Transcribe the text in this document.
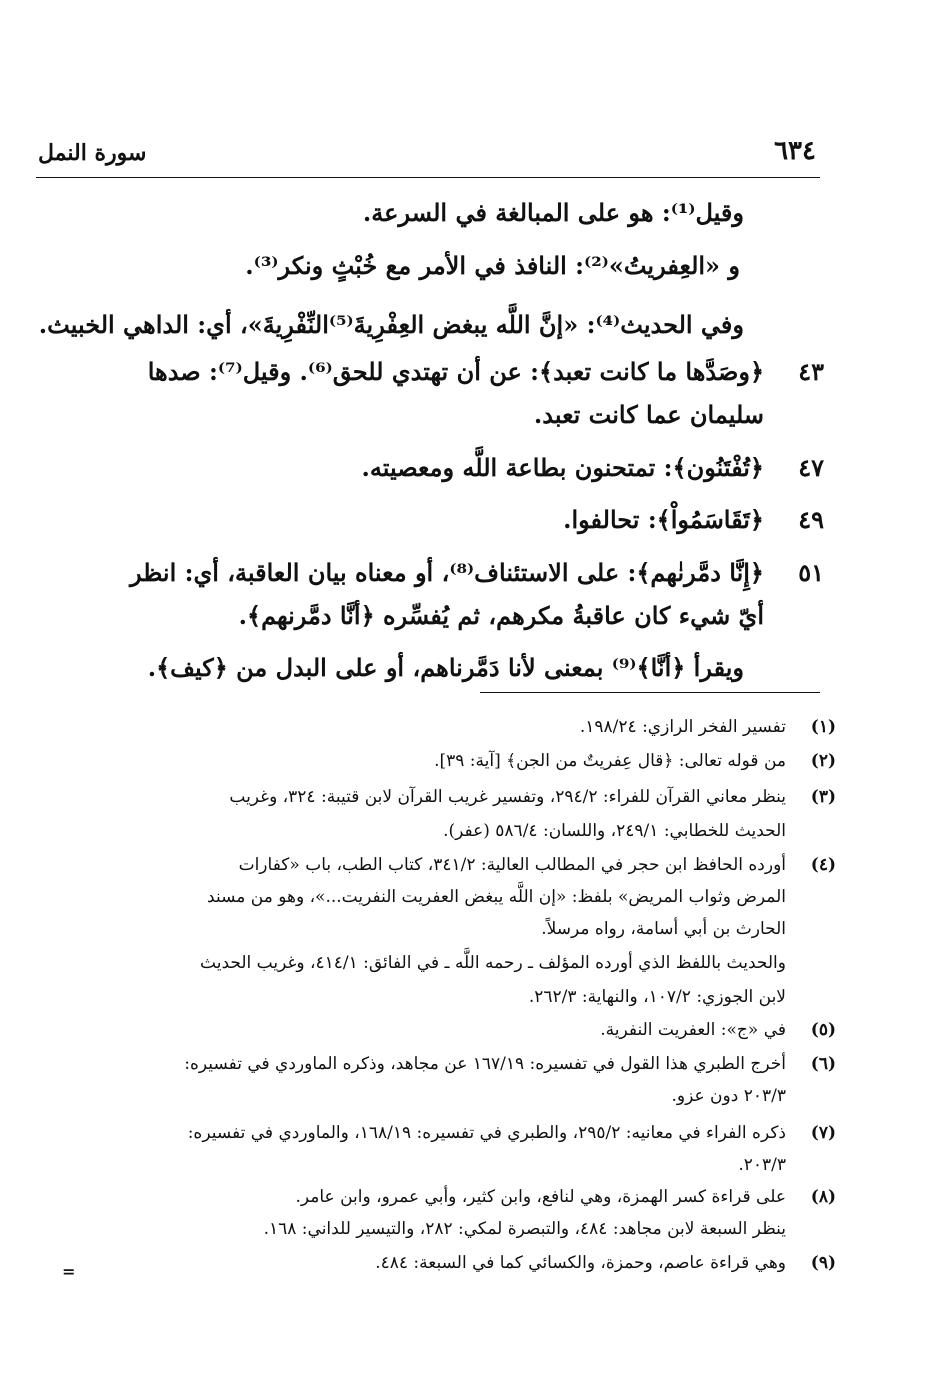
سورة النمل	٦٣٤
وقيل⁽¹⁾: هو على المبالغة في السرعة.
و «العِفريتُ»⁽²⁾: النافذ في الأمر مع خُبْثٍ ونكر⁽³⁾.
وفي الحديث⁽⁴⁾: «إنَّ اللَّه يبغض العِفْرِيةَ⁽⁵⁾النِّفْرِيةَ»، أي: الداهي الخبيث.
٤٣
﴿وصَدَّها ما كانت تعبد﴾: عن أن تهتدي للحق⁽⁶⁾. وقيل⁽⁷⁾: صدها
سليمان عما كانت تعبد.
٤٧
﴿تُفْتَنُون﴾: تمتحنون بطاعة اللَّه ومعصيته.
٤٩
﴿تَقَاسَمُواْ﴾: تحالفوا.
٥١
﴿إِنَّا دمَّرنٰهم﴾: على الاستئناف⁽⁸⁾، أو معناه بيان العاقبة، أي: انظر
أيّ شيء كان عاقبةُ مكرهم، ثم يُفسِّره ﴿أنَّا دمَّرنهم﴾.
ويقرأ ﴿أنَّا﴾⁽⁹⁾ بمعنى لأنا دَمَّرناهم، أو على البدل من ﴿كيف﴾.
(١)
تفسير الفخر الرازي: ١٩٨/٢٤.
(٢)
من قوله تعالى: ﴿قال عِفريتٌ من الجن﴾ [آية: ٣٩].
(٣)
ينظر معاني القرآن للفراء: ٢٩٤/٢، وتفسير غريب القرآن لابن قتيبة: ٣٢٤، وغريب
الحديث للخطابي: ٢٤٩/١، واللسان: ٥٨٦/٤ (عفر).
(٤)
أورده الحافظ ابن حجر في المطالب العالية: ٣٤١/٢، كتاب الطب، باب «كفارات
المرض وثواب المريض» بلفظ: «إن اللَّه يبغض العفريت النفريت...»، وهو من مسند
الحارث بن أبي أسامة، رواه مرسلاً.
والحديث باللفظ الذي أورده المؤلف ـ رحمه اللَّه ـ في الفائق: ٤١٤/١، وغريب الحديث
لابن الجوزي: ١٠٧/٢، والنهاية: ٢٦٢/٣.
(٥)
في «ج»: العفريت النفرية.
(٦)
أخرج الطبري هذا القول في تفسيره: ١٦٧/١٩ عن مجاهد، وذكره الماوردي في تفسيره:
٢٠٣/٣ دون عزو.
(٧)
ذكره الفراء في معانيه: ٢٩٥/٢، والطبري في تفسيره: ١٦٨/١٩، والماوردي في تفسيره:
٢٠٣/٣.
(٨)
على قراءة كسر الهمزة، وهي لنافع، وابن كثير، وأبي عمرو، وابن عامر.
ينظر السبعة لابن مجاهد: ٤٨٤، والتبصرة لمكي: ٢٨٢، والتيسير للداني: ١٦٨.
(٩)
وهي قراءة عاصم، وحمزة، والكسائي كما في السبعة: ٤٨٤.
=
